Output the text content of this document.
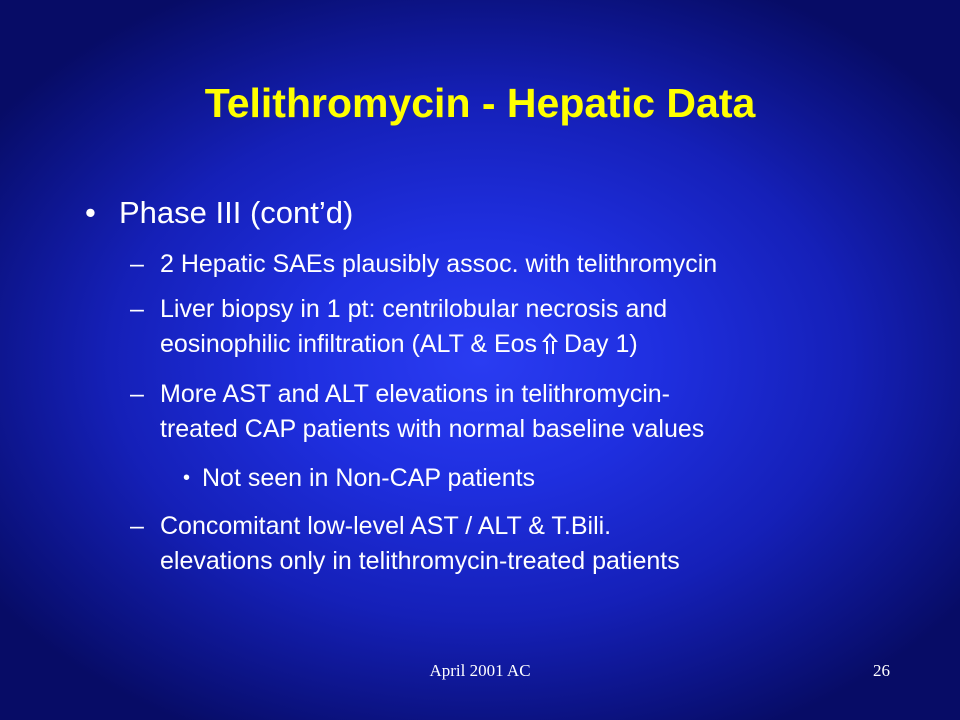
Telithromycin - Hepatic Data
• Phase III (cont’d)
– 2 Hepatic SAEs plausibly assoc. with telithromycin
– Liver biopsy in 1 pt: centrilobular necrosis and
eosinophilic infiltration (ALT & Eos Day 1)
– More AST and ALT elevations in telithromycin-
treated CAP patients with normal baseline values
• Not seen in Non-CAP patients
– Concomitant low-level AST / ALT & T.Bili.
elevations only in telithromycin-treated patients
April 2001 AC	26
